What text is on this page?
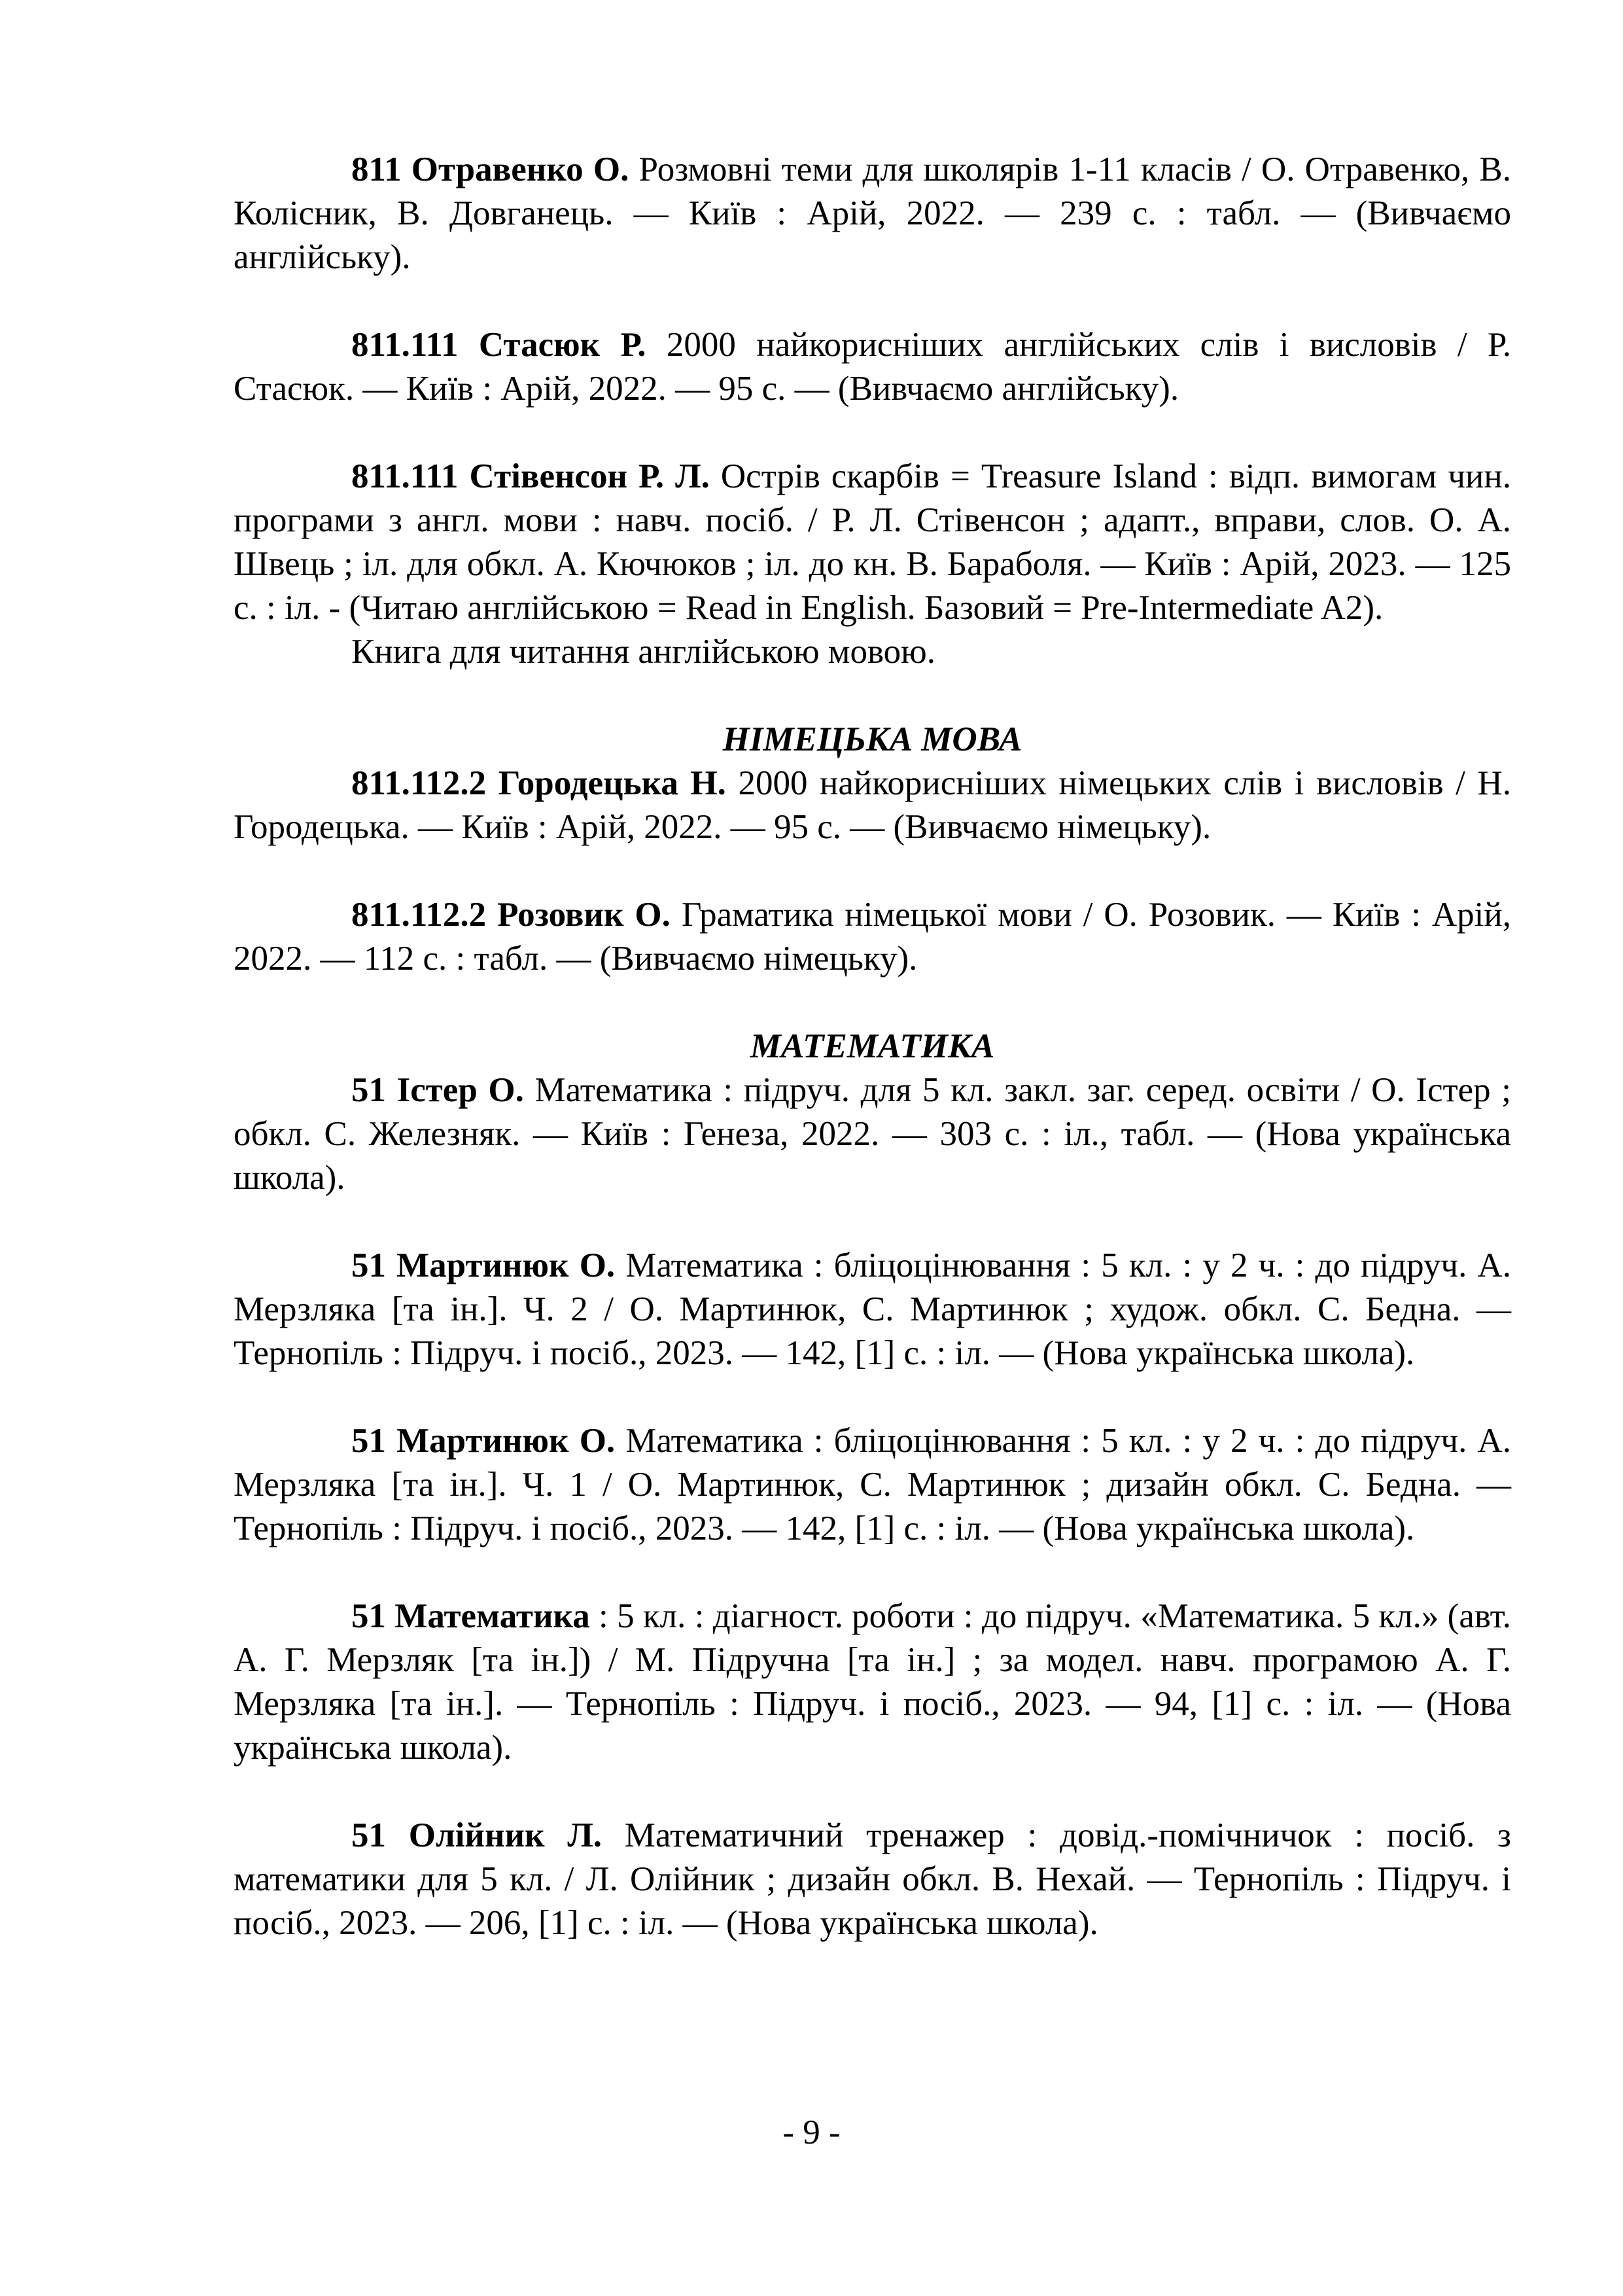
811 Отравенко О. Розмовні теми для школярів 1-11 класів / О. Отравенко, В. Колісник, В. Довганець. — Київ : Арій, 2022. — 239 с. : табл. — (Вивчаємо англійську).

811.111 Стасюк Р. 2000 найкорисніших англійських слів і висловів / Р. Стасюк. — Київ : Арій, 2022. — 95 с. — (Вивчаємо англійську).

811.111 Стівенсон Р. Л. Острів скарбів = Treasure Island : відп. вимогам чин. програми з англ. мови : навч. посіб. / Р. Л. Стівенсон ; адапт., вправи, слов. О. А. Швець ; іл. для обкл. А. Кючюков ; іл. до кн. В. Бараболя. — Київ : Арій, 2023. — 125 с. : іл. - (Читаю англійською = Read in English. Базовий = Pre-Intermediate A2).

Книга для читання англійською мовою.

НІМЕЦЬКА МОВА

811.112.2 Городецька Н. 2000 найкорисніших німецьких слів і висловів / Н. Городецька. — Київ : Арій, 2022. — 95 с. — (Вивчаємо німецьку).

811.112.2 Розовик О. Граматика німецької мови / О. Розовик. — Київ : Арій, 2022. — 112 с. : табл. — (Вивчаємо німецьку).

МАТЕМАТИКА

51 Істер О. Математика : підруч. для 5 кл. закл. заг. серед. освіти / О. Істер ; обкл. С. Железняк. — Київ : Генеза, 2022. — 303 с. : іл., табл. — (Нова українська школа).

51 Мартинюк О. Математика : бліцоцінювання : 5 кл. : у 2 ч. : до підруч. А. Мерзляка [та ін.]. Ч. 2 / О. Мартинюк, С. Мартинюк ; худож. обкл. С. Бедна. — Тернопіль : Підруч. і посіб., 2023. — 142, [1] с. : іл. — (Нова українська школа).

51 Мартинюк О. Математика : бліцоцінювання : 5 кл. : у 2 ч. : до підруч. А. Мерзляка [та ін.]. Ч. 1 / О. Мартинюк, С. Мартинюк ; дизайн обкл. С. Бедна. — Тернопіль : Підруч. і посіб., 2023. — 142, [1] с. : іл. — (Нова українська школа).

51 Математика : 5 кл. : діагност. роботи : до підруч. «Математика. 5 кл.» (авт. А. Г. Мерзляк [та ін.]) / М. Підручна [та ін.] ; за модел. навч. програмою А. Г. Мерзляка [та ін.]. — Тернопіль : Підруч. і посіб., 2023. — 94, [1] с. : іл. — (Нова українська школа).

51 Олійник Л. Математичний тренажер : довід.-помічничок : посіб. з математики для 5 кл. / Л. Олійник ; дизайн обкл. В. Нехай. — Тернопіль : Підруч. і посіб., 2023. — 206, [1] с. : іл. — (Нова українська школа).

- 9 -
